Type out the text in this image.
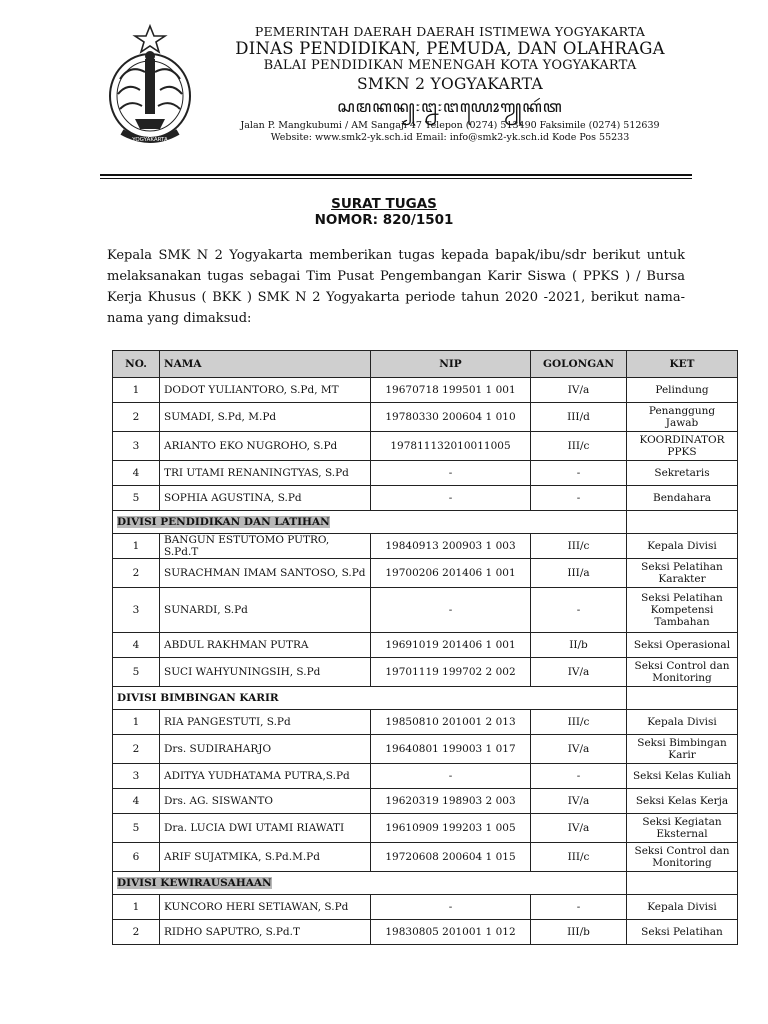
YOGYAKARTA
PEMERINTAH DAERAH DAERAH ISTIMEWA YOGYAKARTA
DINAS PENDIDIKAN, PEMUDA, DAN OLAHRAGA
BALAI PENDIDIKAN MENENGAH KOTA YOGYAKARTA
SMKN 2 YOGYAKARTA
ꦱꦩꦏꦤ꧀꧇꧒꧇ꦔꦪꦺꦴꦒꦾꦏꦂꦠ
Jalan P. Mangkubumi / AM Sangaji 47 Telepon (0274) 513490 Faksimile (0274) 512639
Website: www.smk2-yk.sch.id Email: info@smk2-yk.sch.id Kode Pos 55233
SURAT TUGAS
NOMOR: 820/1501
Kepala SMK N 2 Yogyakarta memberikan tugas kepada bapak/ibu/sdr berikut untuk melaksanakan tugas sebagai Tim Pusat Pengembangan Karir Siswa ( PPKS ) / Bursa Kerja Khusus ( BKK ) SMK N 2 Yogyakarta periode tahun 2020 -2021, berikut nama-nama yang dimaksud:
NO.	NAMA	NIP	GOLONGAN	KET
1	DODOT YULIANTORO, S.Pd, MT	19670718 199501 1 001	IV/a	Pelindung
2	SUMADI, S.Pd, M.Pd	19780330 200604 1 010	III/d	Penanggung Jawab
3	ARIANTO EKO NUGROHO, S.Pd	197811132010011005	III/c	KOORDINATOR PPKS
4	TRI UTAMI RENANINGTYAS, S.Pd	-	-	Sekretaris
5	SOPHIA AGUSTINA, S.Pd	-	-	Bendahara
DIVISI PENDIDIKAN DAN LATIHAN				
1	BANGUN ESTUTOMO PUTRO, S.Pd.T	19840913 200903 1 003	III/c	Kepala Divisi
2	SURACHMAN IMAM SANTOSO, S.Pd	19700206 201406 1 001	III/a	Seksi Pelatihan Karakter
3	SUNARDI, S.Pd	-	-	Seksi Pelatihan Kompetensi Tambahan
4	ABDUL RAKHMAN PUTRA	19691019 201406 1 001	II/b	Seksi Operasional
5	SUCI WAHYUNINGSIH, S.Pd	19701119 199702 2 002	IV/a	Seksi Control dan Monitoring
DIVISI BIMBINGAN KARIR				
1	RIA PANGESTUTI, S.Pd	19850810 201001 2 013	III/c	Kepala Divisi
2	Drs. SUDIRAHARJO	19640801 199003 1 017	IV/a	Seksi Bimbingan Karir
3	ADITYA YUDHATAMA PUTRA,S.Pd	-	-	Seksi Kelas Kuliah
4	Drs. AG. SISWANTO	19620319 198903 2 003	IV/a	Seksi Kelas Kerja
5	Dra. LUCIA DWI UTAMI RIAWATI	19610909 199203 1 005	IV/a	Seksi Kegiatan Eksternal
6	ARIF SUJATMIKA, S.Pd.M.Pd	19720608 200604 1 015	III/c	Seksi Control dan Monitoring
DIVISI KEWIRAUSAHAAN				
1	KUNCORO HERI SETIAWAN, S.Pd	-	-	Kepala Divisi
2	RIDHO SAPUTRO, S.Pd.T	19830805 201001 1 012	III/b	Seksi Pelatihan
